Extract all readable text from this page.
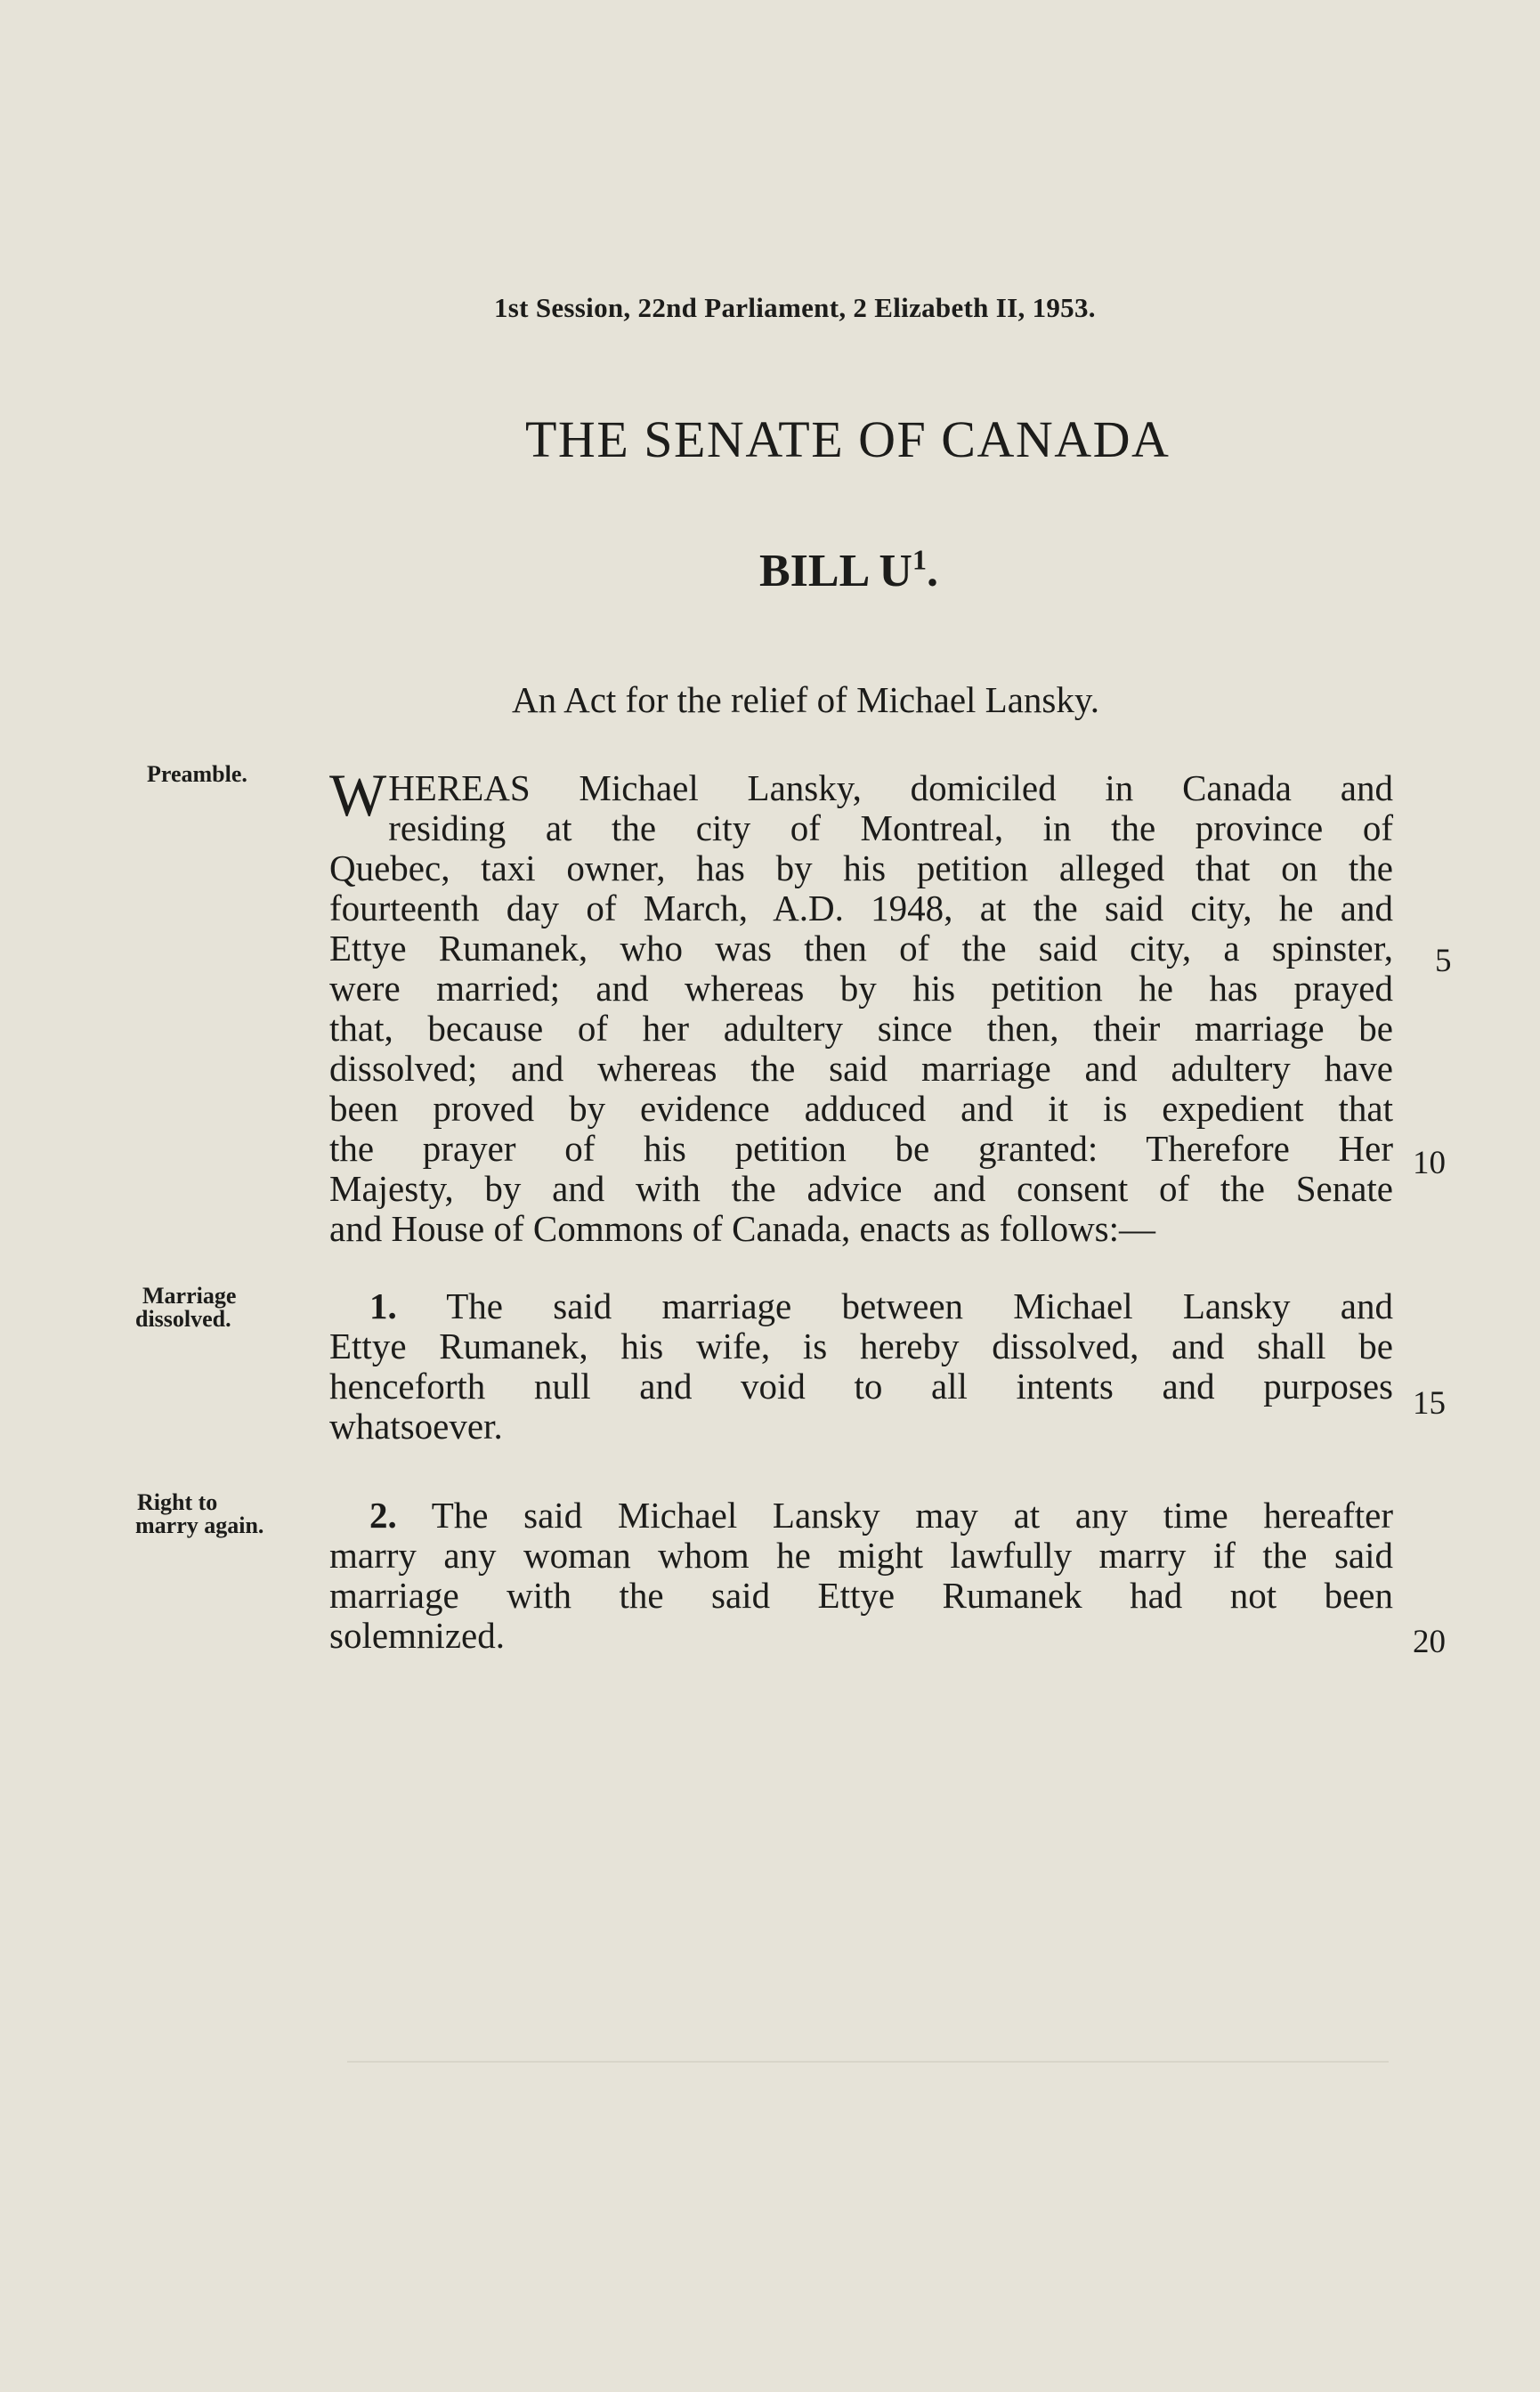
1st Session, 22nd Parliament, 2 Elizabeth II, 1953.
THE SENATE OF CANADA
BILL $U^1$.
An Act for the relief of Michael Lansky.
Preamble.
Marriage
dissolved.
Right to
marry again.
WHEREAS Michael Lansky, domiciled in Canada and
residing at the city of Montreal, in the province of
Quebec, taxi owner, has by his petition alleged that on the
fourteenth day of March, A.D. 1948, at the said city, he and
Ettye Rumanek, who was then of the said city, a spinster,
were married; and whereas by his petition he has prayed
that, because of her adultery since then, their marriage be
dissolved; and whereas the said marriage and adultery have
been proved by evidence adduced and it is expedient that
the prayer of his petition be granted: Therefore Her
Majesty, by and with the advice and consent of the Senate
and House of Commons of Canada, enacts as follows:—
1. The said marriage between Michael Lansky and
Ettye Rumanek, his wife, is hereby dissolved, and shall be
henceforth null and void to all intents and purposes
whatsoever.
2. The said Michael Lansky may at any time hereafter
marry any woman whom he might lawfully marry if the said
marriage with the said Ettye Rumanek had not been
solemnized.
5
10
15
20
